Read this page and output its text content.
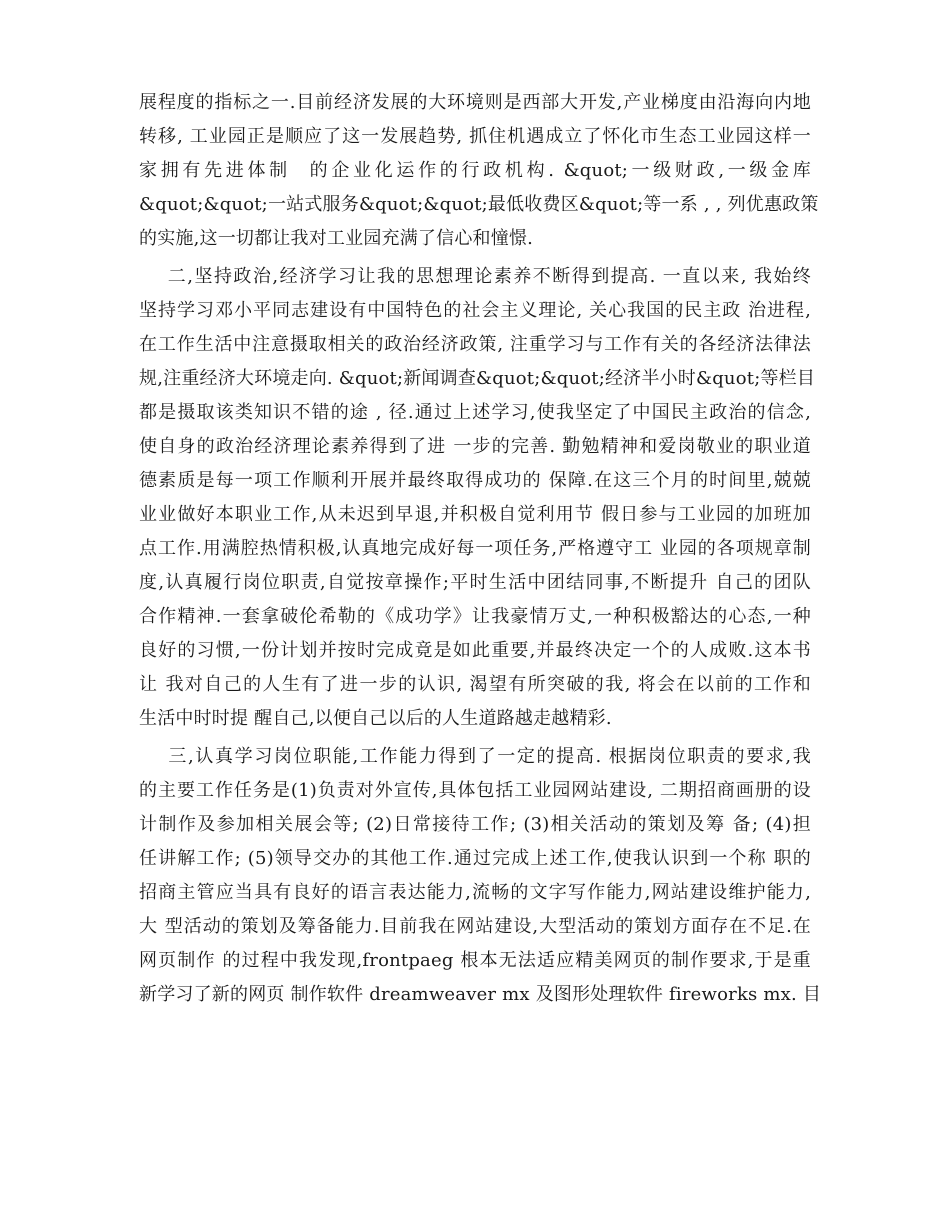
展程度的指标之一.目前经济发展的大环境则是西部大开发,产业梯度由沿海向内地
转移, 工业园正是顺应了这一发展趋势, 抓住机遇成立了怀化市生态工业园这样一
家拥有先进体制  的企业化运作的行政机构. &quot;一级财政,一级金库
&quot;&quot;一站式服务&quot;&quot;最低收费区&quot;等一系 , , 列优惠政策
的实施,这一切都让我对工业园充满了信心和憧憬.
二,坚持政治,经济学习让我的思想理论素养不断得到提高. 一直以来, 我始终
坚持学习邓小平同志建设有中国特色的社会主义理论, 关心我国的民主政 治进程,
在工作生活中注意摄取相关的政治经济政策, 注重学习与工作有关的各经济法律法
规,注重经济大环境走向. &quot;新闻调查&quot;&quot;经济半小时&quot;等栏目
都是摄取该类知识不错的途 , 径.通过上述学习,使我坚定了中国民主政治的信念,
使自身的政治经济理论素养得到了进 一步的完善. 勤勉精神和爱岗敬业的职业道
德素质是每一项工作顺利开展并最终取得成功的 保障.在这三个月的时间里,兢兢
业业做好本职业工作,从未迟到早退,并积极自觉利用节 假日参与工业园的加班加
点工作.用满腔热情积极,认真地完成好每一项任务,严格遵守工 业园的各项规章制
度,认真履行岗位职责,自觉按章操作;平时生活中团结同事,不断提升 自己的团队
合作精神.一套拿破伦希勒的《成功学》让我豪情万丈,一种积极豁达的心态,一种
良好的习惯,一份计划并按时完成竟是如此重要,并最终决定一个的人成败.这本书
让 我对自己的人生有了进一步的认识, 渴望有所突破的我, 将会在以前的工作和
生活中时时提 醒自己,以便自己以后的人生道路越走越精彩.
三,认真学习岗位职能,工作能力得到了一定的提高. 根据岗位职责的要求,我
的主要工作任务是(1)负责对外宣传,具体包括工业园网站建设, 二期招商画册的设
计制作及参加相关展会等; (2)日常接待工作; (3)相关活动的策划及筹 备; (4)担
任讲解工作; (5)领导交办的其他工作.通过完成上述工作,使我认识到一个称 职的
招商主管应当具有良好的语言表达能力,流畅的文字写作能力,网站建设维护能力,
大 型活动的策划及筹备能力.目前我在网站建设,大型活动的策划方面存在不足.在
网页制作 的过程中我发现,frontpaeg 根本无法适应精美网页的制作要求,于是重
新学习了新的网页 制作软件 dreamweaver mx 及图形处理软件 fireworks mx. 目
